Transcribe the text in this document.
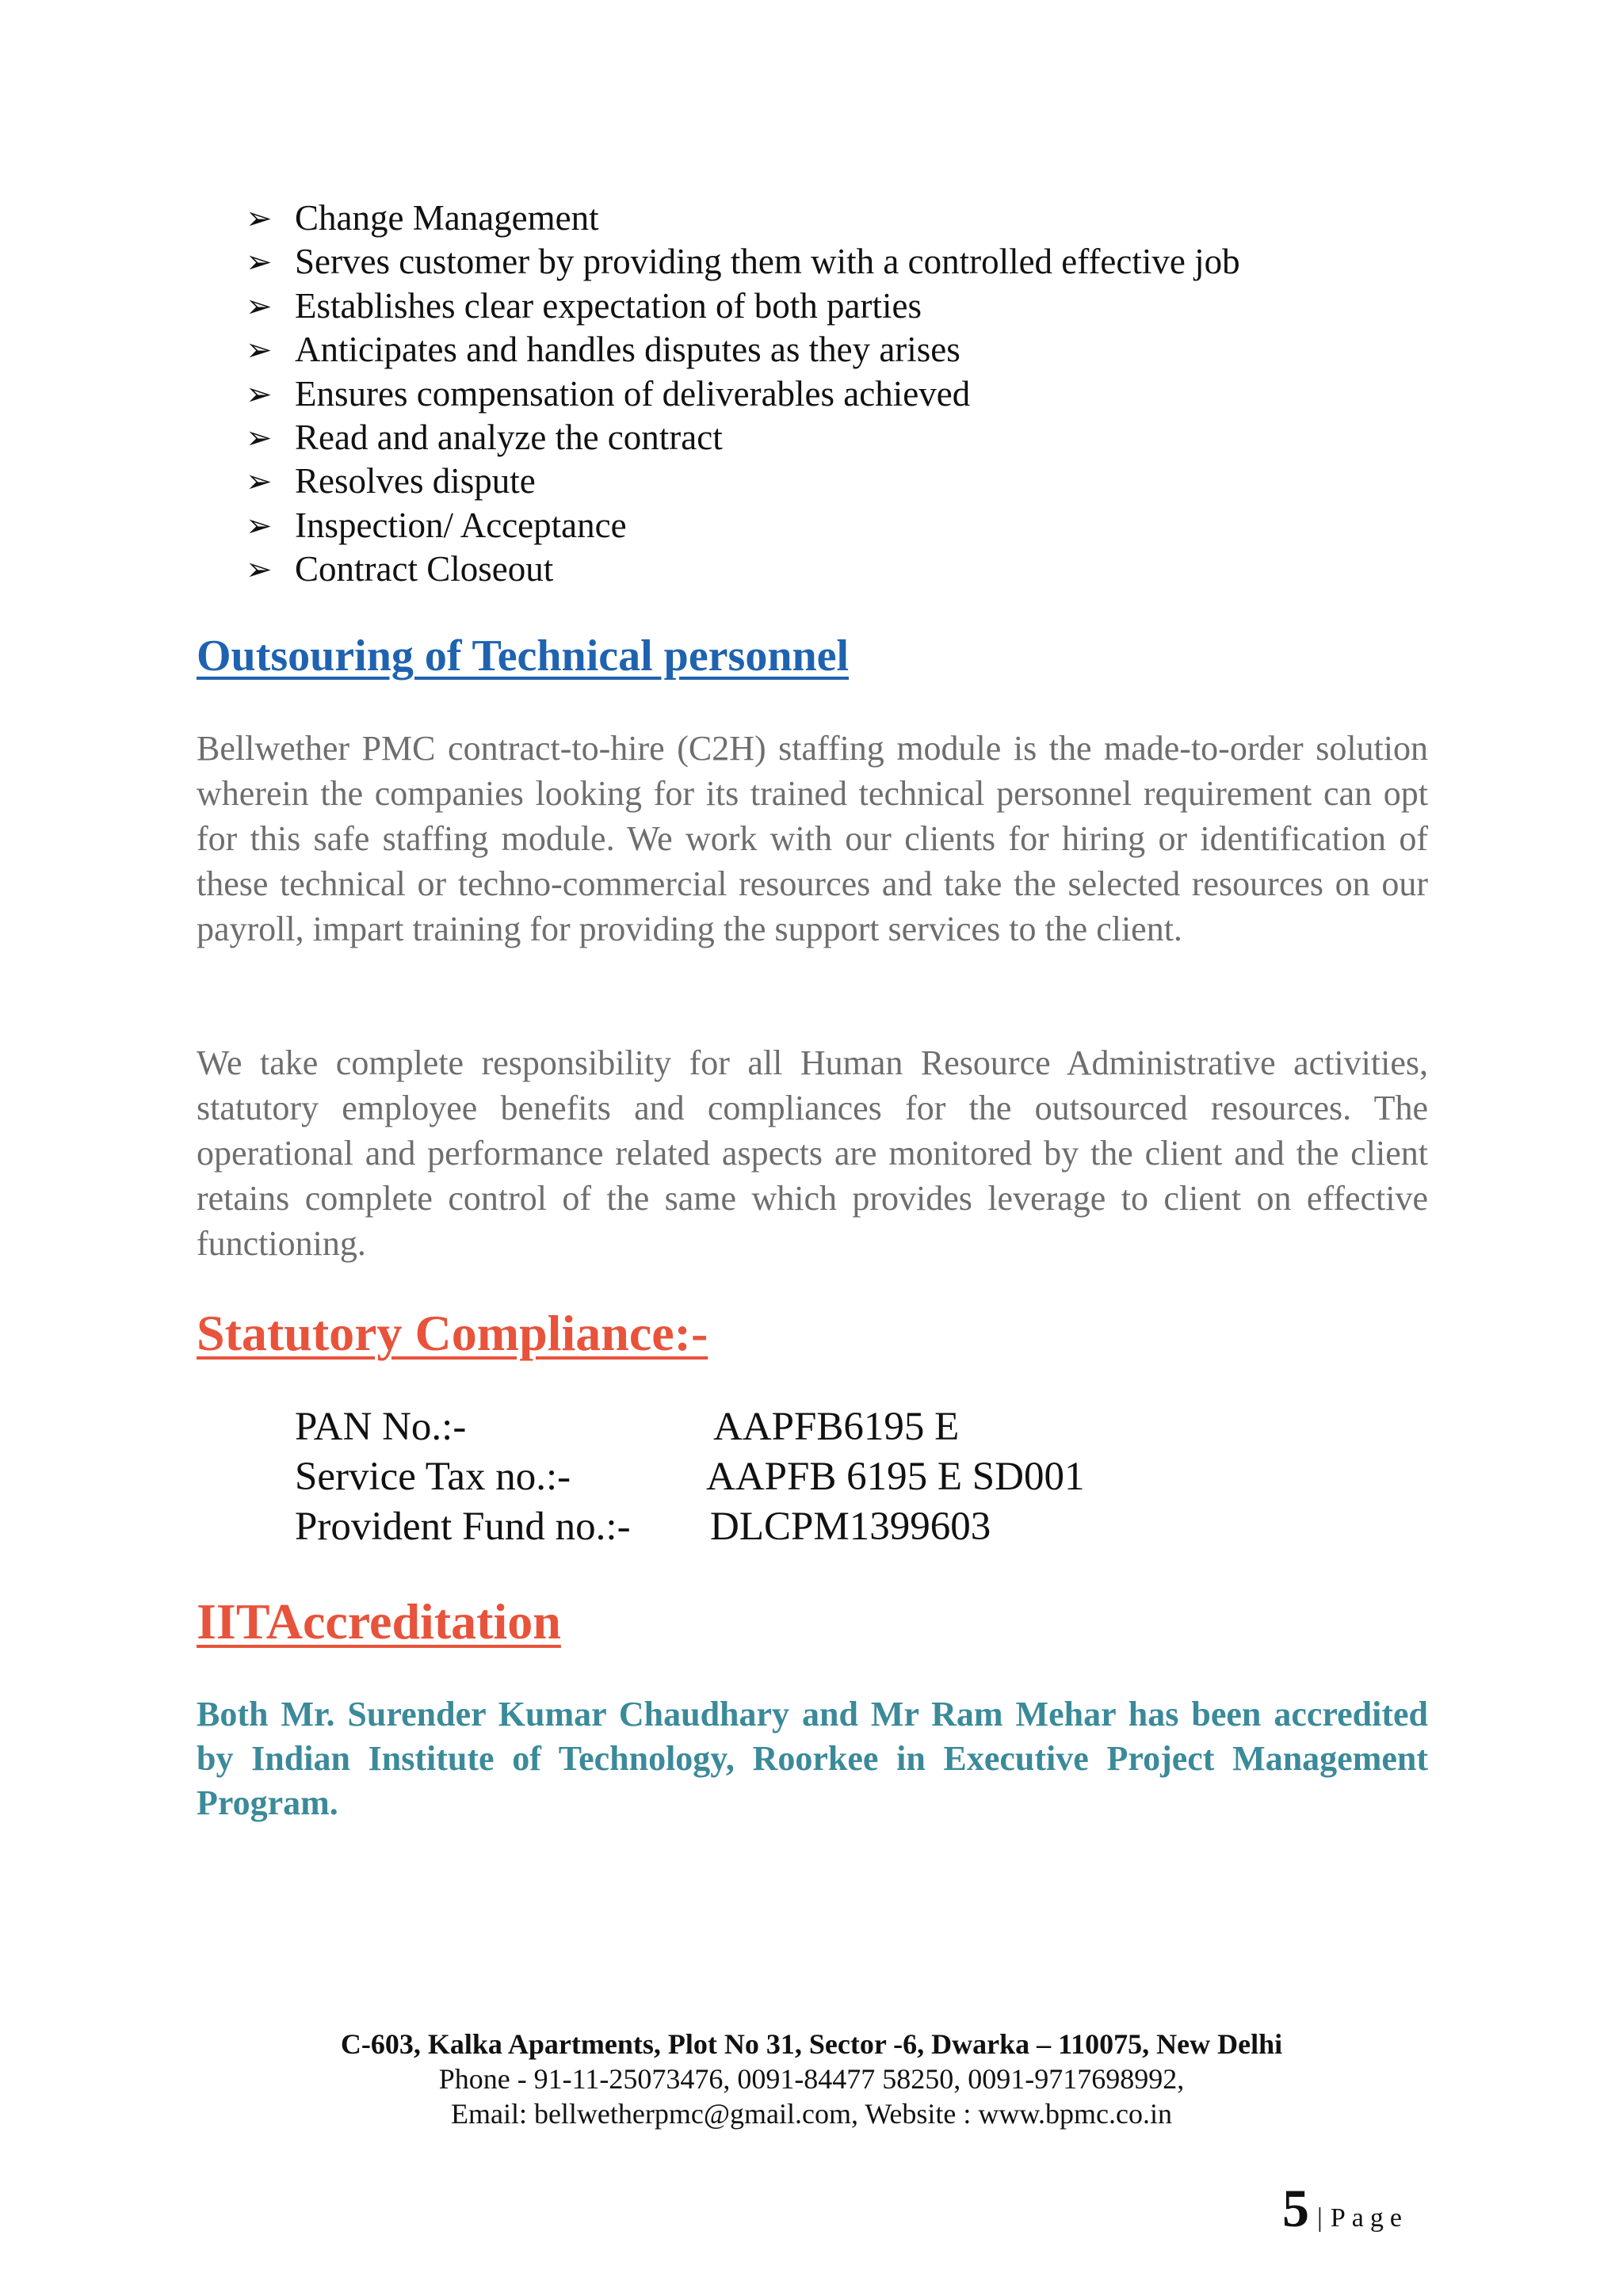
➢ Change Management
➢ Serves customer by providing them with a controlled effective job
➢ Establishes clear expectation of both parties
➢ Anticipates and handles disputes as they arises
➢ Ensures compensation of deliverables achieved
➢ Read and analyze the contract
➢ Resolves dispute
➢ Inspection/ Acceptance
➢ Contract Closeout
Outsouring of Technical personnel

Bellwether PMC contract-to-hire (C2H) staffing module is the made-to-order solution wherein the companies looking for its trained technical personnel requirement can opt for this safe staffing module. We work with our clients for hiring or identification of these technical or techno-commercial resources and take the selected resources on our payroll, impart training for providing the support services to the client.

We take complete responsibility for all Human Resource Administrative activities, statutory employee benefits and compliances for the outsourced resources. The operational and performance related aspects are monitored by the client and the client retains complete control of the same which provides leverage to client on effective functioning.

Statutory Compliance:-
PAN No.:-	AAPFB6195 E
Service Tax no.:-	AAPFB 6195 E SD001
Provident Fund no.:-	DLCPM1399603
IITAccreditation

Both Mr. Surender Kumar Chaudhary and Mr Ram Mehar has been accredited by Indian Institute of Technology, Roorkee in Executive Project Management Program.

C-603, Kalka Apartments, Plot No 31, Sector -6, Dwarka – 110075, New Delhi
Phone - 91-11-25073476, 0091-84477 58250, 0091-9717698992,
Email: bellwetherpmc@gmail.com, Website : www.bpmc.co.in
5 | Page
